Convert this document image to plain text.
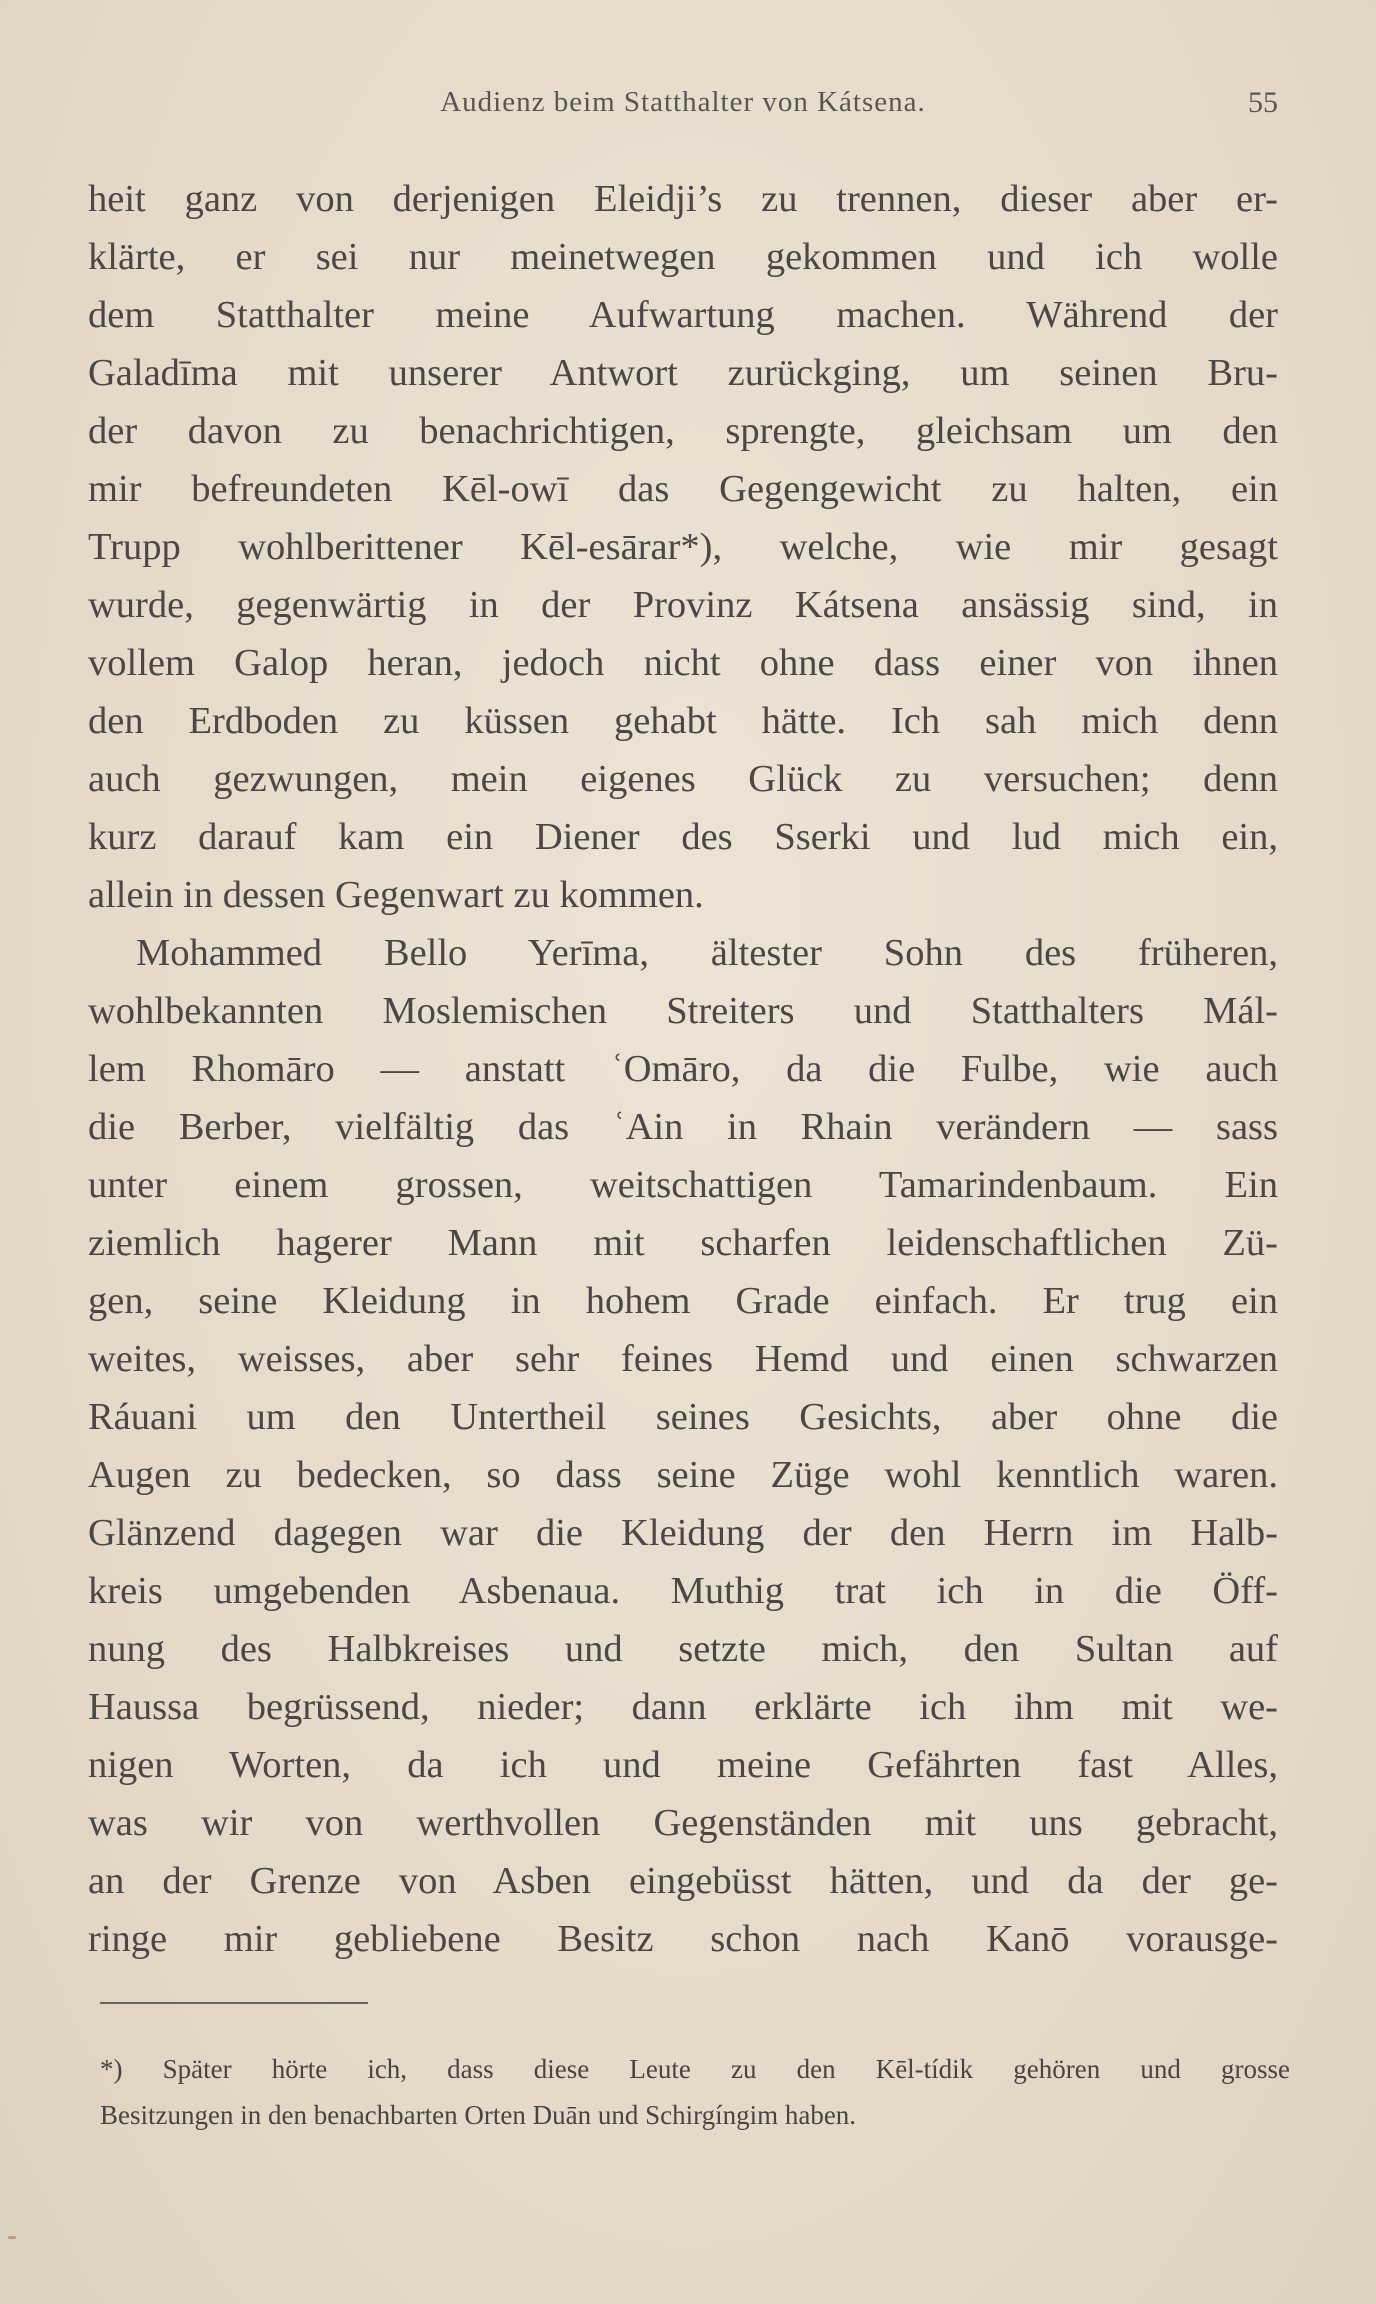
Audienz beim Statthalter von Kátsena.	55
heit ganz von derjenigen Eleidji’s zu trennen, dieser aber er-
klärte, er sei nur meinetwegen gekommen und ich wolle
dem Statthalter meine Aufwartung machen. Während der
Galadīma mit unserer Antwort zurückging, um seinen Bru-
der davon zu benachrichtigen, sprengte, gleichsam um den
mir befreundeten Kēl-owī das Gegengewicht zu halten, ein
Trupp wohlberittener Kēl-esārar*), welche, wie mir gesagt
wurde, gegenwärtig in der Provinz Kátsena ansässig sind, in
vollem Galop heran, jedoch nicht ohne dass einer von ihnen
den Erdboden zu küssen gehabt hätte. Ich sah mich denn
auch gezwungen, mein eigenes Glück zu versuchen; denn
kurz darauf kam ein Diener des Sserki und lud mich ein,
allein in dessen Gegenwart zu kommen.
Mohammed Bello Yerīma, ältester Sohn des früheren,
wohlbekannten Moslemischen Streiters und Statthalters Mál-
lem Rhomāro — anstatt ʿOmāro, da die Fulbe, wie auch
die Berber, vielfältig das ʿAin in Rhain verändern — sass
unter einem grossen, weitschattigen Tamarindenbaum. Ein
ziemlich hagerer Mann mit scharfen leidenschaftlichen Zü-
gen, seine Kleidung in hohem Grade einfach. Er trug ein
weites, weisses, aber sehr feines Hemd und einen schwarzen
Ráuani um den Untertheil seines Gesichts, aber ohne die
Augen zu bedecken, so dass seine Züge wohl kenntlich waren.
Glänzend dagegen war die Kleidung der den Herrn im Halb-
kreis umgebenden Asbenaua. Muthig trat ich in die Öff-
nung des Halbkreises und setzte mich, den Sultan auf
Haussa begrüssend, nieder; dann erklärte ich ihm mit we-
nigen Worten, da ich und meine Gefährten fast Alles,
was wir von werthvollen Gegenständen mit uns gebracht,
an der Grenze von Asben eingebüsst hätten, und da der ge-
ringe mir gebliebene Besitz schon nach Kanō vorausge-
*) Später hörte ich, dass diese Leute zu den Kēl-tídik gehören und grosse
Besitzungen in den benachbarten Orten Duān und Schirgíngim haben.
